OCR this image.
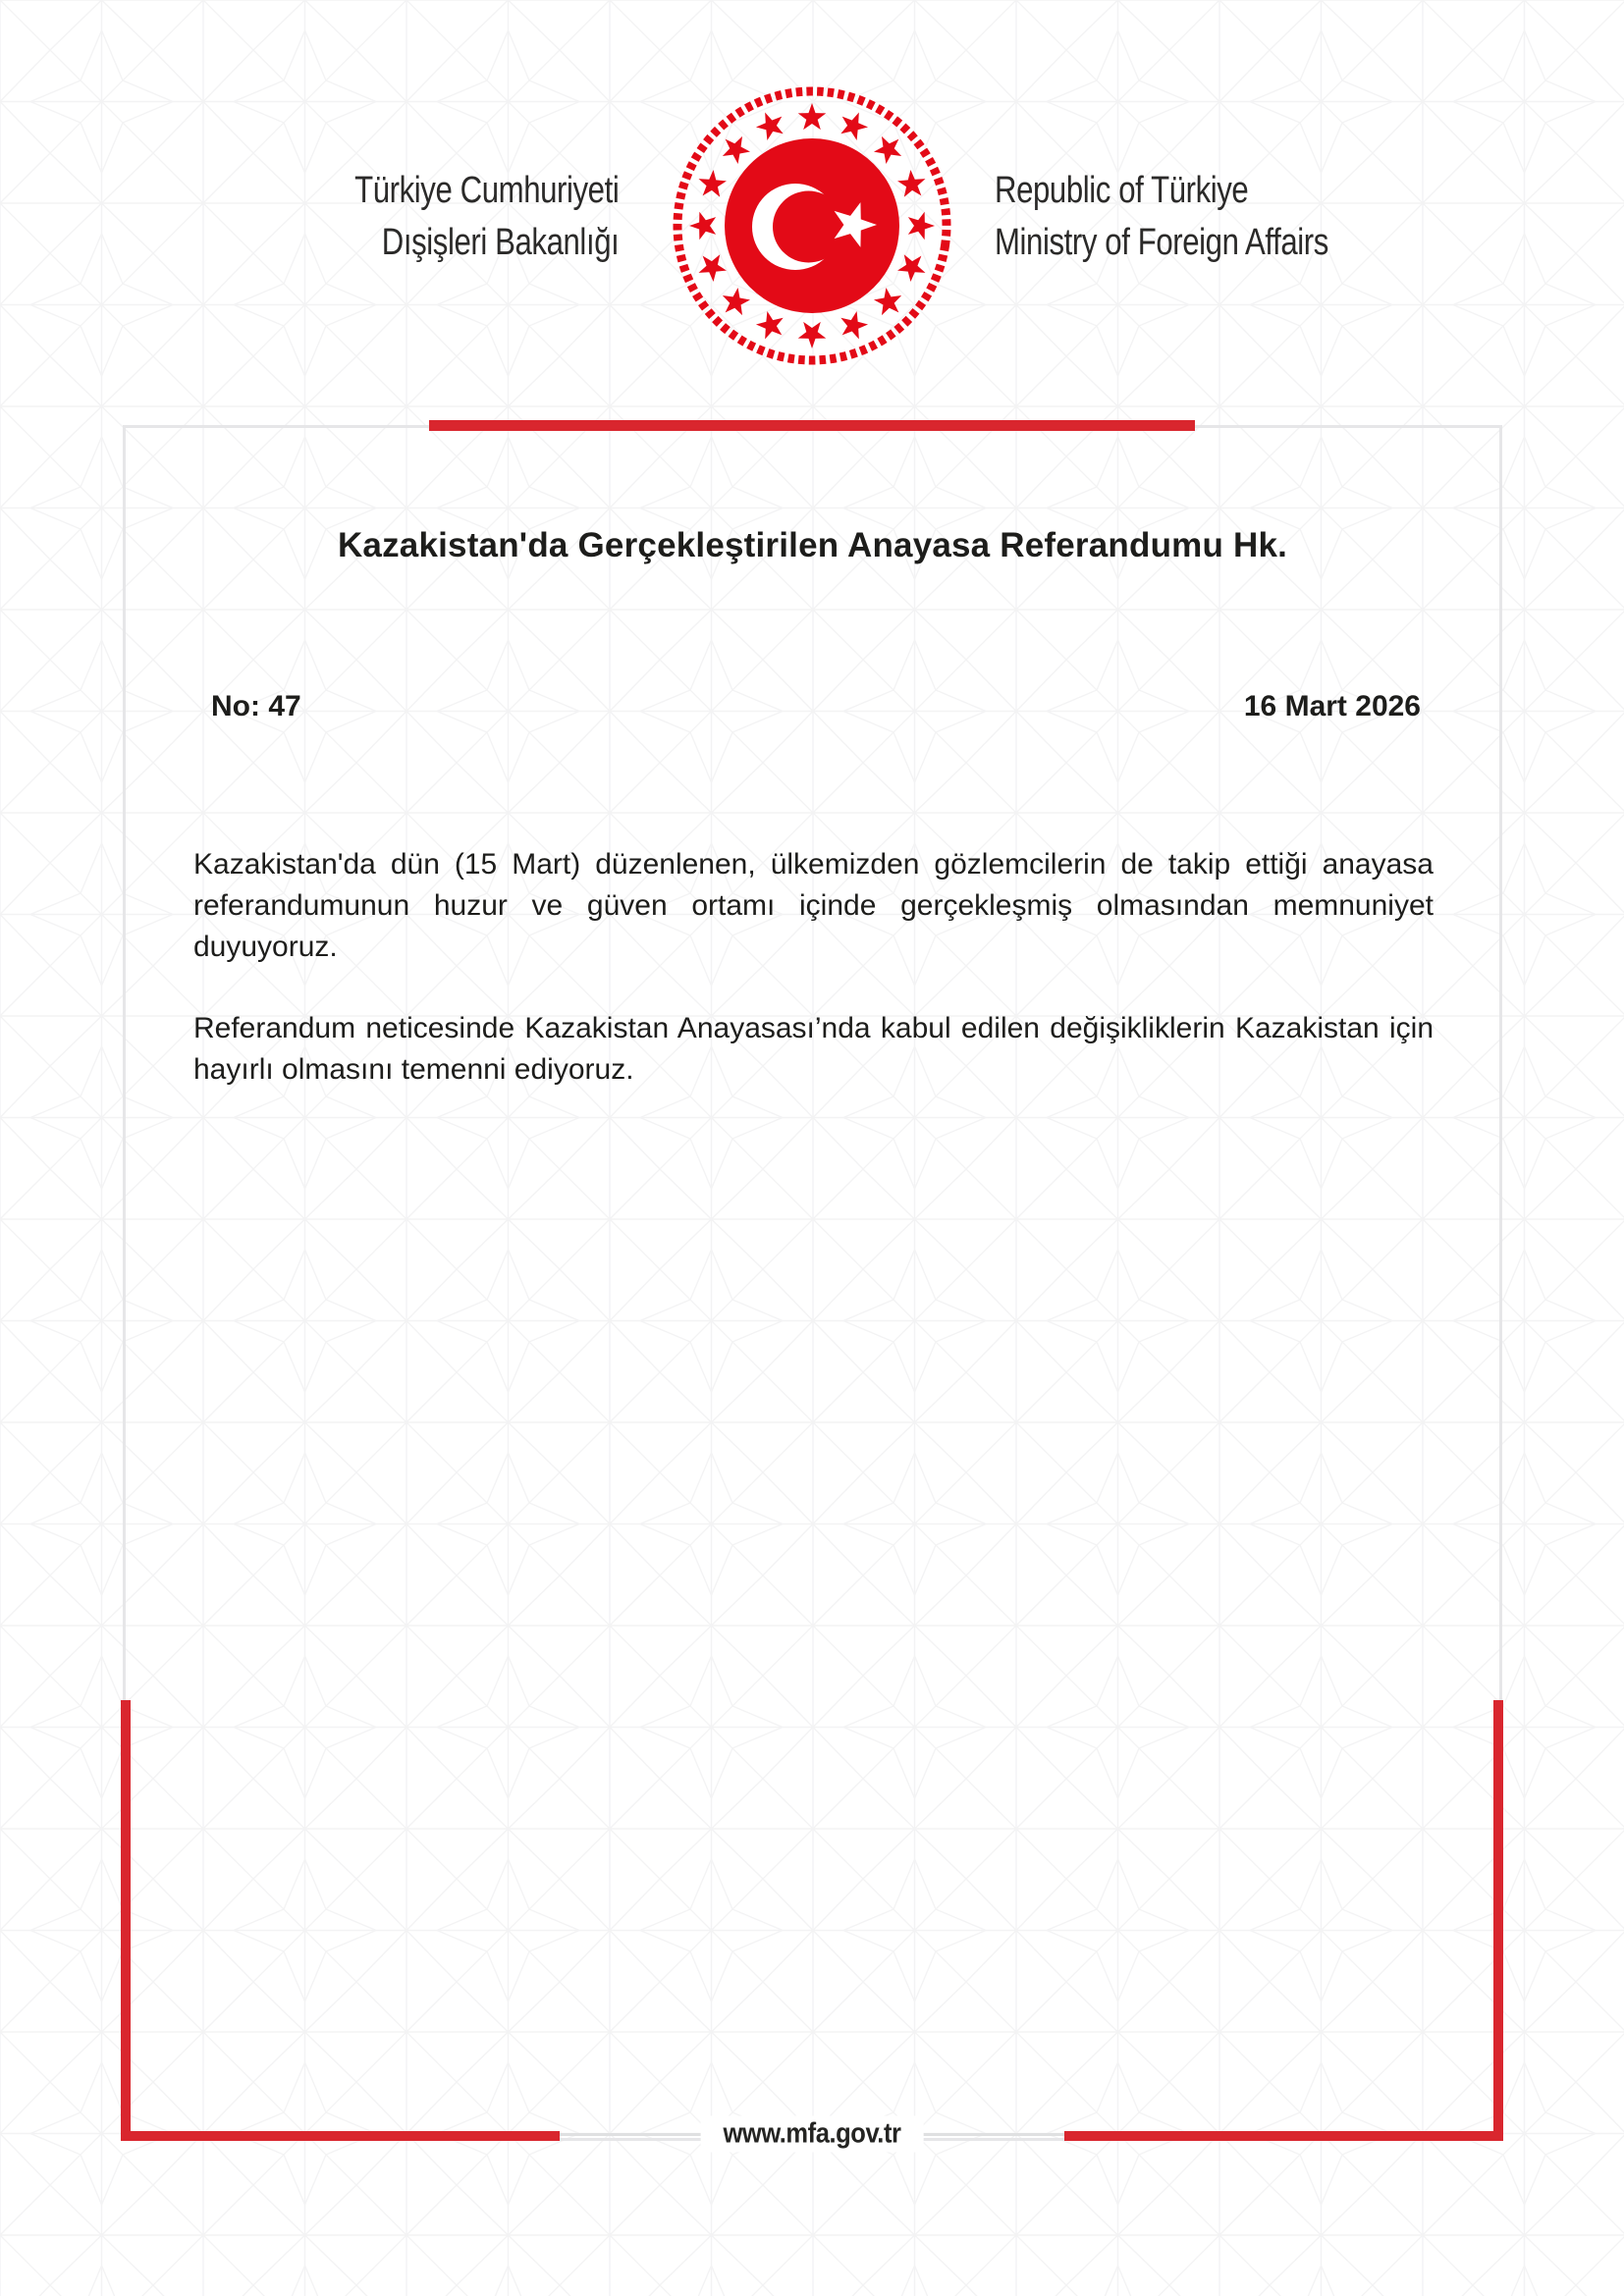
Türkiye Cumhuriyeti
Dışişleri Bakanlığı
Republic of Türkiye
Ministry of Foreign Affairs
Kazakistan'da Gerçekleştirilen Anayasa Referandumu Hk.
No: 47	16 Mart 2026

Kazakistan'da dün (15 Mart) düzenlenen, ülkemizden gözlemcilerin de takip ettiği anayasa referandumunun huzur ve güven ortamı içinde gerçekleşmiş olmasından memnuniyet duyuyoruz.

Referandum neticesinde Kazakistan Anayasası’nda kabul edilen değişikliklerin Kazakistan için hayırlı olmasını temenni ediyoruz.

www.mfa.gov.tr
